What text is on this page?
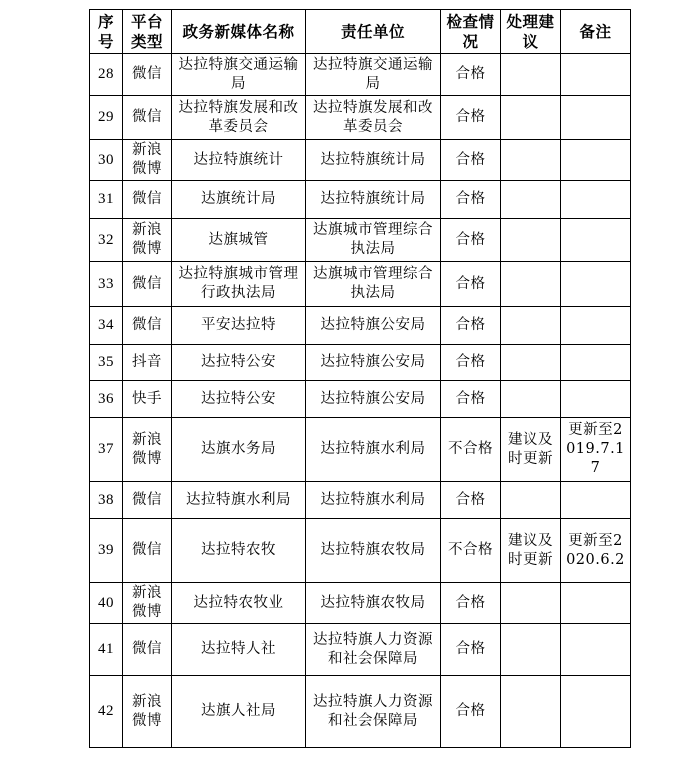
序号	平台类型	政务新媒体名称	责任单位	检查情况	处理建议	备注
28	微信	达拉特旗交通运输局	达拉特旗交通运输局	合格		
29	微信	达拉特旗发展和改革委员会	达拉特旗发展和改革委员会	合格		
30	新浪微博	达拉特旗统计	达拉特旗统计局	合格		
31	微信	达旗统计局	达拉特旗统计局	合格		
32	新浪微博	达旗城管	达旗城市管理综合执法局	合格		
33	微信	达拉特旗城市管理行政执法局	达旗城市管理综合执法局	合格		
34	微信	平安达拉特	达拉特旗公安局	合格		
35	抖音	达拉特公安	达拉特旗公安局	合格		
36	快手	达拉特公安	达拉特旗公安局	合格		
37	新浪微博	达旗水务局	达拉特旗水利局	不合格	建议及时更新	更新至2019.7.17
38	微信	达拉特旗水利局	达拉特旗水利局	合格		
39	微信	达拉特农牧	达拉特旗农牧局	不合格	建议及时更新	更新至2020.6.2
40	新浪微博	达拉特农牧业	达拉特旗农牧局	合格		
41	微信	达拉特人社	达拉特旗人力资源和社会保障局	合格		
42	新浪微博	达旗人社局	达拉特旗人力资源和社会保障局	合格		
